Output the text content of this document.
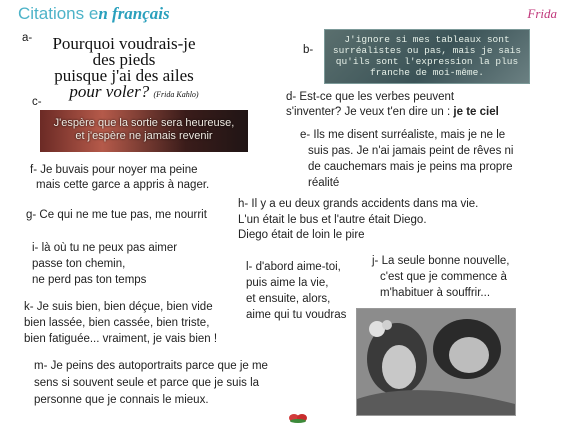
Citations en français	Frida
a-	Pourquoi voudrais-je
des pieds
puisque j'ai des ailes
pour voler? (Frida Kahlo)
b-
J'ignore si mes tableaux sont
surréalistes ou pas, mais je sais
qu'ils sont l'expression la plus
franche de moi-même.
c-
J'espère que la sortie sera heureuse,
et j'espère ne jamais revenir
d- Est-ce que les verbes peuvent
s'inventer? Je veux t'en dire un : je te ciel
e- Ils me disent surréaliste, mais je ne le
suis pas. Je n'ai jamais peint de rêves ni
de cauchemars mais je peins ma propre
réalité
f- Je buvais pour noyer ma peine
mais cette garce a appris à nager.
g- Ce qui ne me tue pas, me nourrit
h- Il y a eu deux grands accidents dans ma vie.
L'un était le bus et l'autre était Diego.
Diego était de loin le pire
i- là où tu ne peux pas aimer
passe ton chemin,
ne perd pas ton temps
j- La seule bonne nouvelle,
c'est que je commence à
m'habituer à souffrir...
l- d'abord aime-toi,
puis aime la vie,
et ensuite, alors,
aime qui tu voudras
k- Je suis bien, bien déçue, bien vide
bien lassée, bien cassée, bien triste,
bien fatiguée... vraiment, je vais bien !
m- Je peins des autoportraits parce que je me
sens si souvent seule et parce que je suis la
personne que je connais le mieux.
